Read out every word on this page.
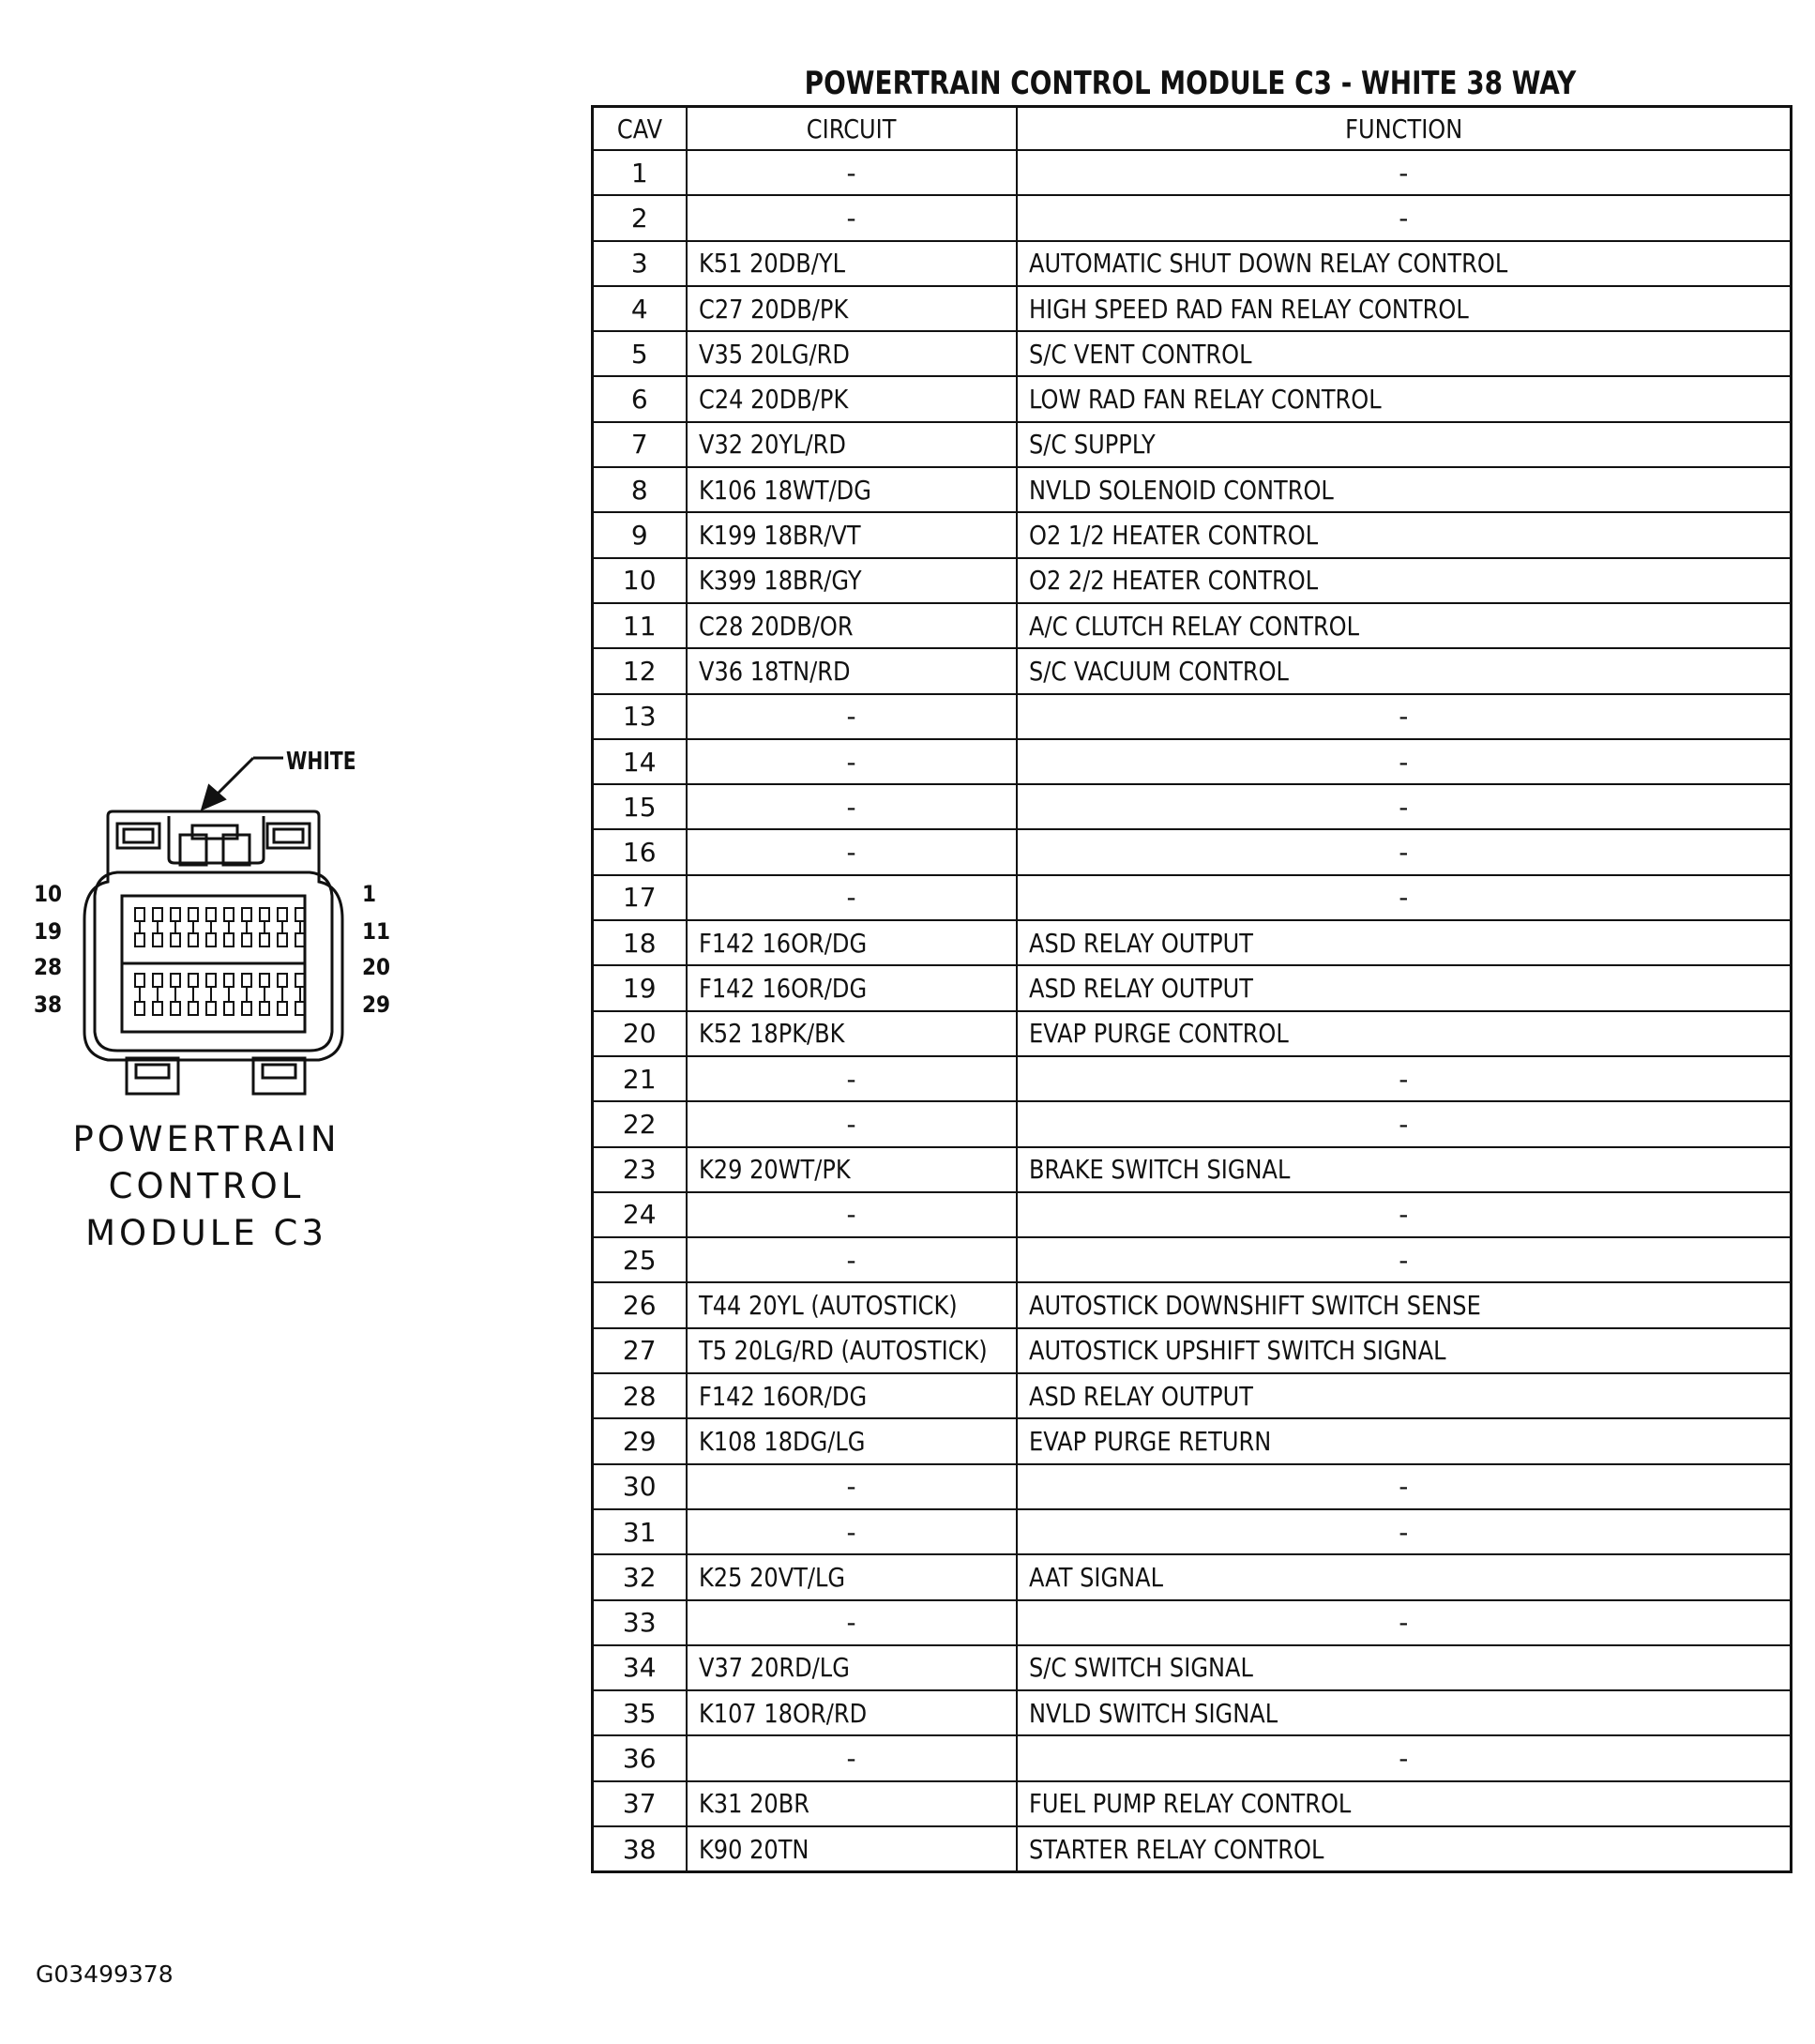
WHITE
10
19
28
38
1
11
20
29
POWERTRAIN
CONTROL
MODULE C3
POWERTRAIN CONTROL MODULE C3 - WHITE 38 WAY
CAV	CIRCUIT	FUNCTION
1	-	-
2	-	-
3	K51 20DB/YL	AUTOMATIC SHUT DOWN RELAY CONTROL
4	C27 20DB/PK	HIGH SPEED RAD FAN RELAY CONTROL
5	V35 20LG/RD	S/C VENT CONTROL
6	C24 20DB/PK	LOW RAD FAN RELAY CONTROL
7	V32 20YL/RD	S/C SUPPLY
8	K106 18WT/DG	NVLD SOLENOID CONTROL
9	K199 18BR/VT	O2 1/2 HEATER CONTROL
10	K399 18BR/GY	O2 2/2 HEATER CONTROL
11	C28 20DB/OR	A/C CLUTCH RELAY CONTROL
12	V36 18TN/RD	S/C VACUUM CONTROL
13	-	-
14	-	-
15	-	-
16	-	-
17	-	-
18	F142 16OR/DG	ASD RELAY OUTPUT
19	F142 16OR/DG	ASD RELAY OUTPUT
20	K52 18PK/BK	EVAP PURGE CONTROL
21	-	-
22	-	-
23	K29 20WT/PK	BRAKE SWITCH SIGNAL
24	-	-
25	-	-
26	T44 20YL (AUTOSTICK)	AUTOSTICK DOWNSHIFT SWITCH SENSE
27	T5 20LG/RD (AUTOSTICK)	AUTOSTICK UPSHIFT SWITCH SIGNAL
28	F142 16OR/DG	ASD RELAY OUTPUT
29	K108 18DG/LG	EVAP PURGE RETURN
30	-	-
31	-	-
32	K25 20VT/LG	AAT SIGNAL
33	-	-
34	V37 20RD/LG	S/C SWITCH SIGNAL
35	K107 18OR/RD	NVLD SWITCH SIGNAL
36	-	-
37	K31 20BR	FUEL PUMP RELAY CONTROL
38	K90 20TN	STARTER RELAY CONTROL
G03499378
